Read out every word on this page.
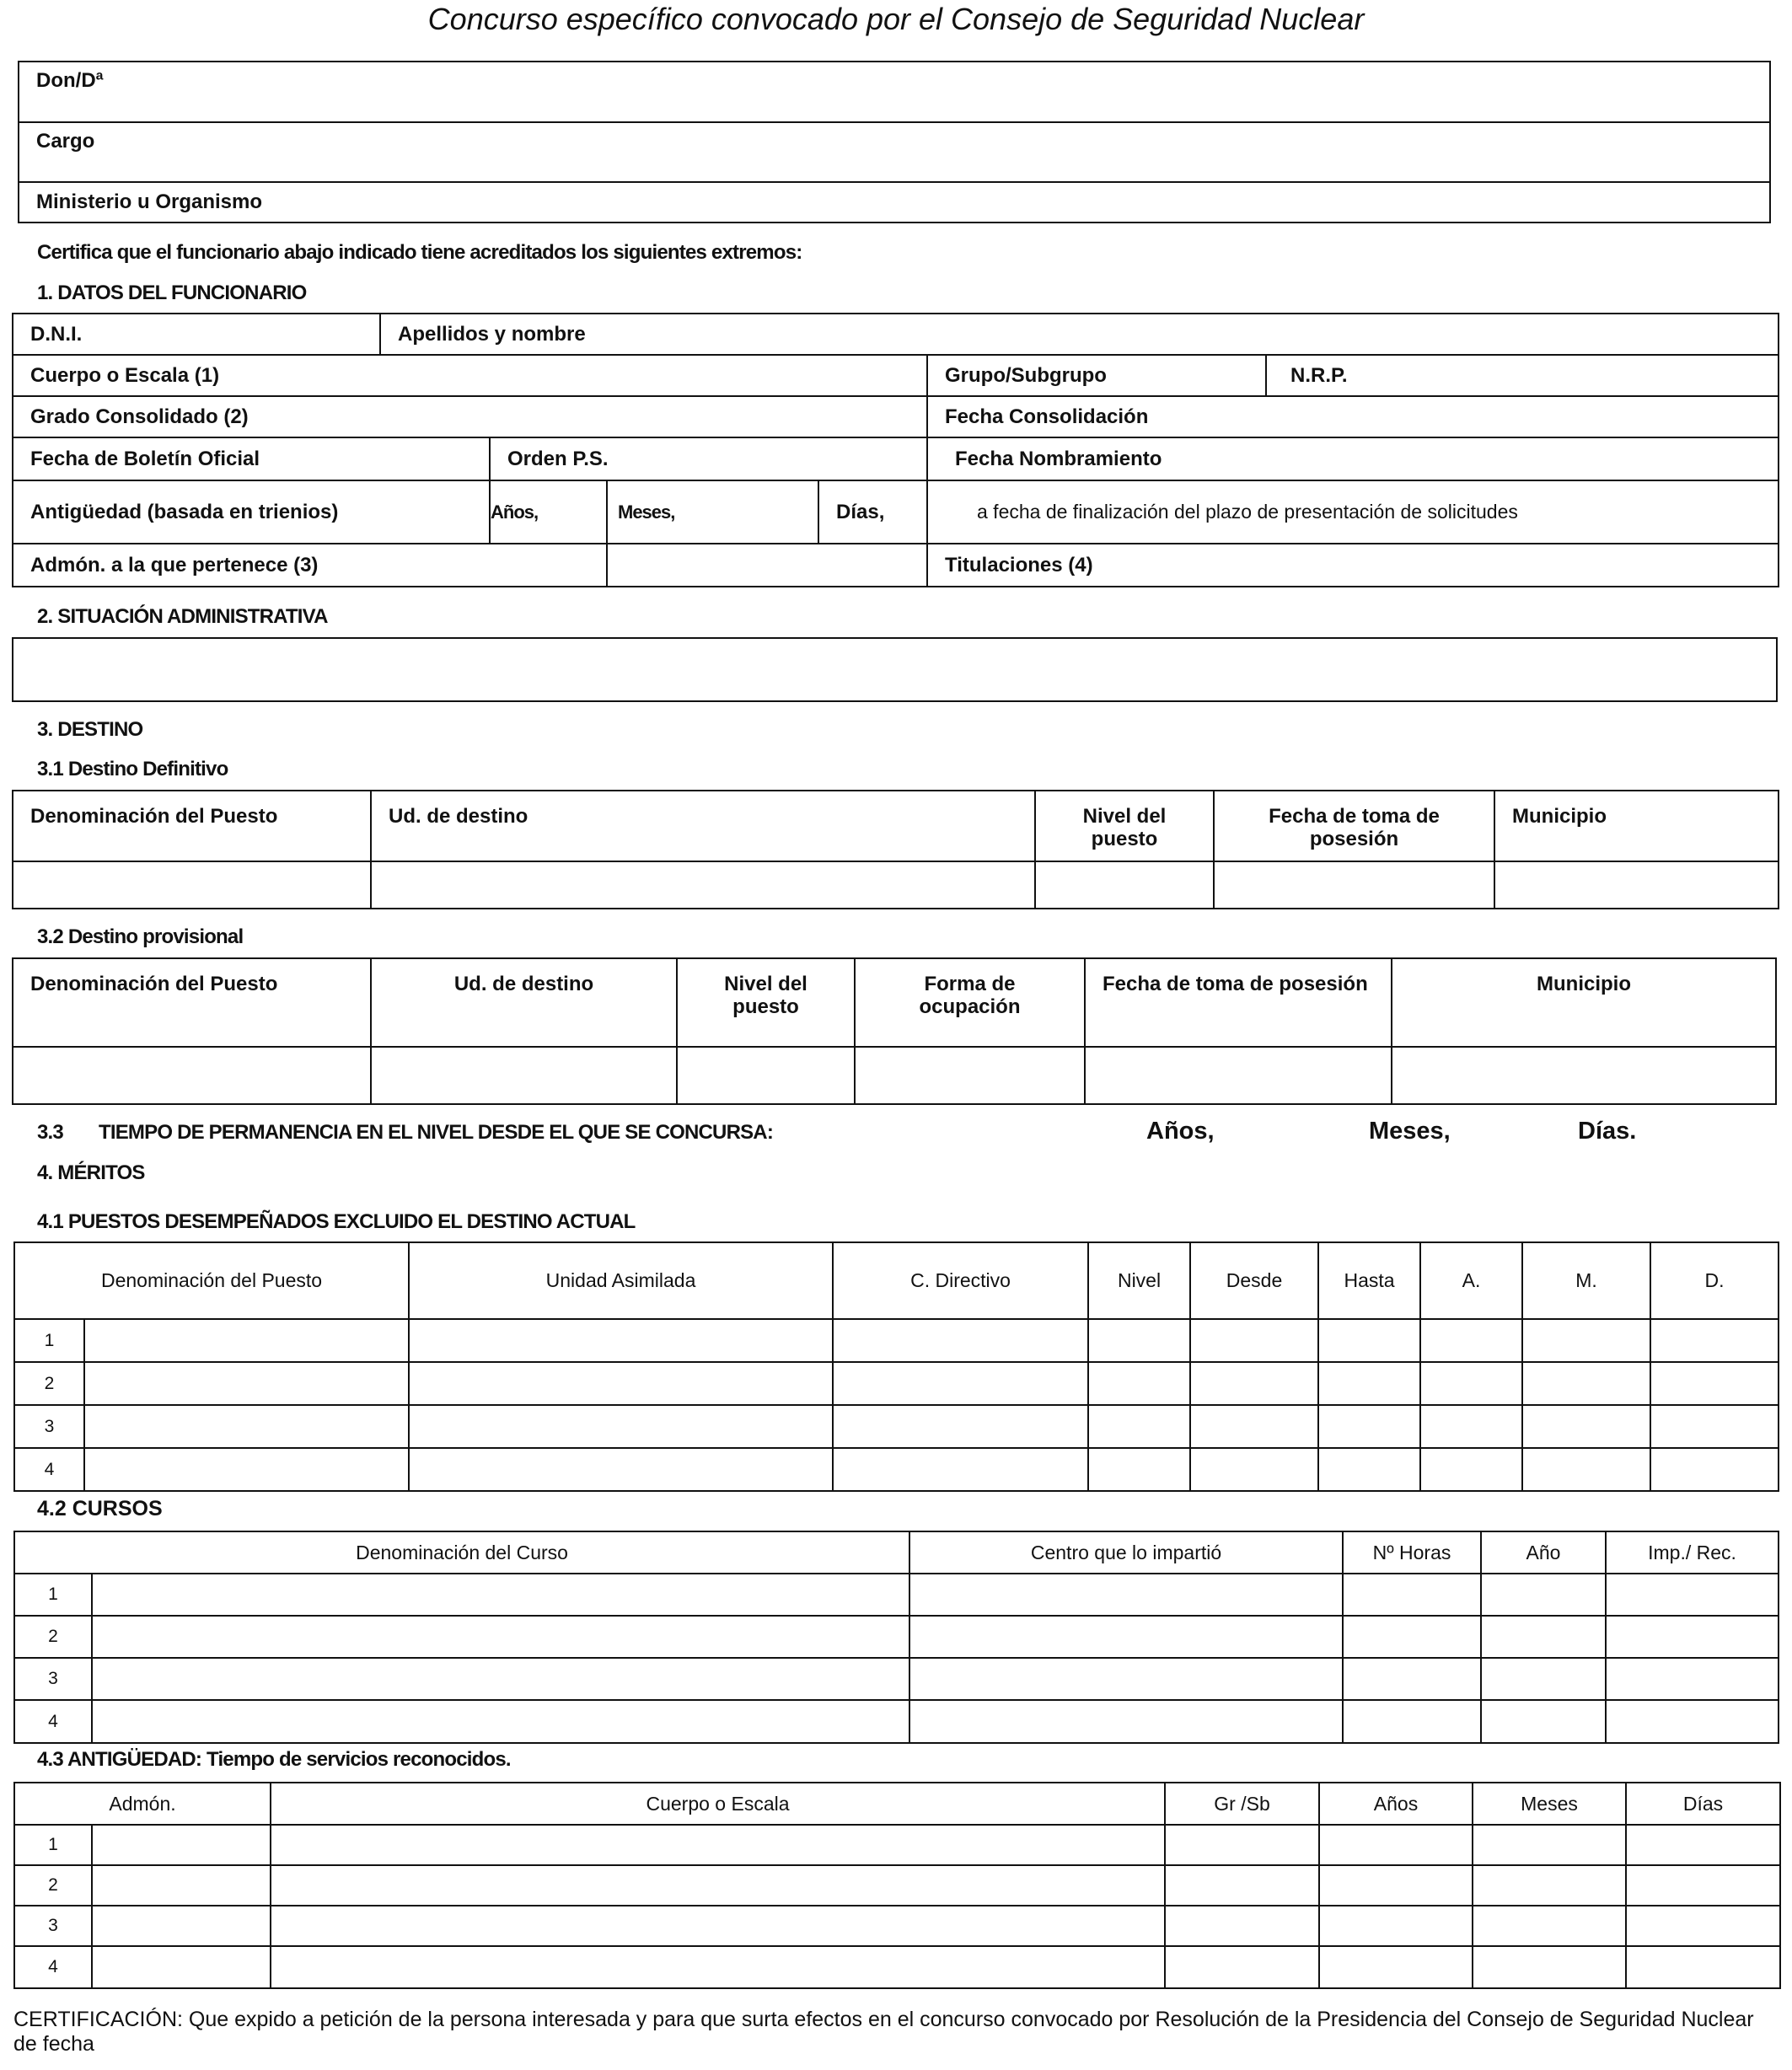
Concurso específico convocado por el Consejo de Seguridad Nuclear
Don/Dª
Cargo
Ministerio u Organismo
Certifica que el funcionario abajo indicado tiene acreditados los siguientes extremos:
1. DATOS DEL FUNCIONARIO
D.N.I.	Apellidos y nombre					
Cuerpo o Escala (1)					Grupo/Subgrupo	N.R.P.
Grado Consolidado (2)					Fecha Consolidación	
Fecha de Boletín Oficial		Orden P.S.			Fecha Nombramiento	
Antigüedad (basada en trienios)		Años,	Meses,	Días,	a fecha de finalización del plazo de presentación de solicitudes	
Admón. a la que pertenece (3)					Titulaciones (4)	
2. SITUACIÓN ADMINISTRATIVA
3. DESTINO
3.1 Destino Definitivo
Denominación del Puesto	Ud. de destino	Nivel del puesto	Fecha de toma de posesión	Municipio

3.2 Destino provisional
Denominación del Puesto	Ud. de destino	Nivel del puesto	Forma de ocupación	Fecha de toma de posesión	Municipio

3.3 TIEMPO DE PERMANENCIA EN EL NIVEL DESDE EL QUE SE CONCURSA:	Años,	Meses,	Días.
4. MÉRITOS
4.1 PUESTOS DESEMPEÑADOS EXCLUIDO EL DESTINO ACTUAL
Denominación del Puesto		Unidad Asimilada	C. Directivo	Nivel	Desde	Hasta	A.	M.	D.
1									
2									
3									
4									
4.2 CURSOS
Denominación del Curso		Centro que lo impartió	Nº Horas	Año	Imp./ Rec.
1					
2					
3					
4					
4.3 ANTIGÜEDAD: Tiempo de servicios reconocidos.
Admón.		Cuerpo o Escala	Gr /Sb	Años	Meses	Días
1						
2						
3						
4						
CERTIFICACIÓN: Que expido a petición de la persona interesada y para que surta efectos en el concurso convocado por Resolución de la Presidencia del Consejo de Seguridad Nuclear
de fecha
